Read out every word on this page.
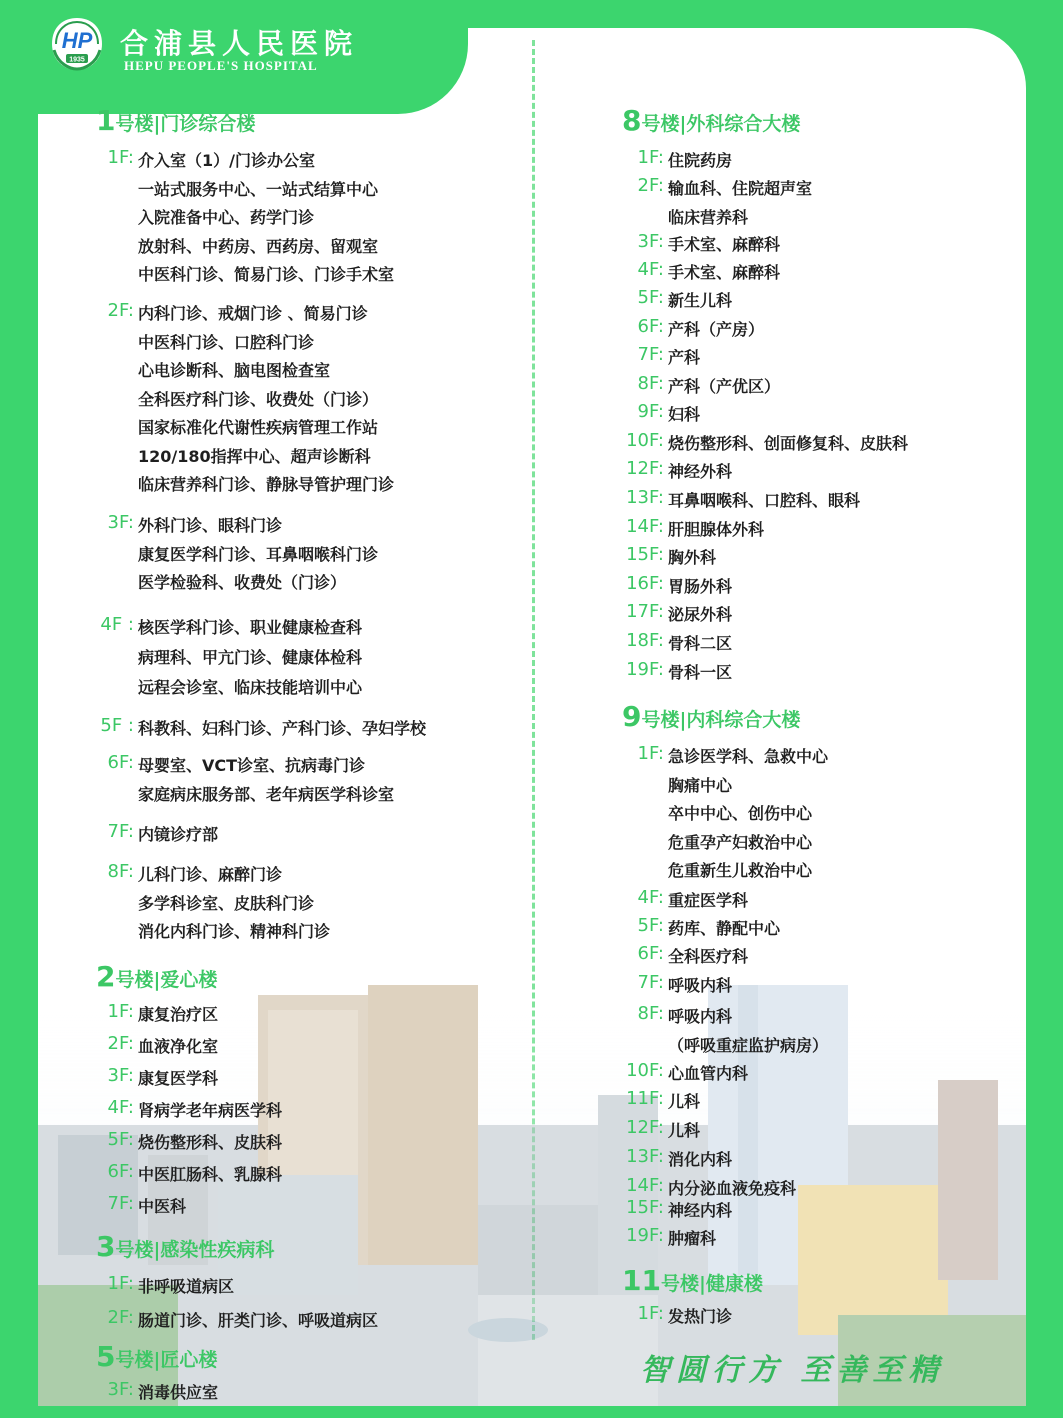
HP
1935 合浦县人民医院
HEPU PEOPLE'S HOSPITAL
1号楼|门诊综合楼
1F: 介入室（1）/门诊办公室
一站式服务中心、一站式结算中心
入院准备中心、药学门诊
放射科、中药房、西药房、留观室
中医科门诊、简易门诊、门诊手术室
2F: 内科门诊、戒烟门诊 、简易门诊
中医科门诊、口腔科门诊
心电诊断科、脑电图检查室
全科医疗科门诊、收费处（门诊）
国家标准化代谢性疾病管理工作站
120/180指挥中心、超声诊断科
临床营养科门诊、静脉导管护理门诊
3F: 外科门诊、眼科门诊
康复医学科门诊、耳鼻咽喉科门诊
医学检验科、收费处（门诊）
4F : 核医学科门诊、职业健康检查科
病理科、甲亢门诊、健康体检科
远程会诊室、临床技能培训中心
5F : 科教科、妇科门诊、产科门诊、孕妇学校
6F: 母婴室、VCT诊室、抗病毒门诊
家庭病床服务部、老年病医学科诊室
7F: 内镜诊疗部
8F: 儿科门诊、麻醉门诊
多学科诊室、皮肤科门诊
消化内科门诊、精神科门诊
2号楼|爱心楼
1F: 康复治疗区
2F: 血液净化室
3F: 康复医学科
4F: 肾病学老年病医学科
5F: 烧伤整形科、皮肤科
6F: 中医肛肠科、乳腺科
7F: 中医科
3号楼|感染性疾病科
1F: 非呼吸道病区
2F: 肠道门诊、肝类门诊、呼吸道病区
5号楼|匠心楼
3F: 消毒供应室
8号楼|外科综合大楼
1F: 住院药房
2F: 输血科、住院超声室
临床营养科
3F: 手术室、麻醉科
4F: 手术室、麻醉科
5F: 新生儿科
6F: 产科（产房）
7F: 产科
8F: 产科（产优区）
9F: 妇科
10F: 烧伤整形科、创面修复科、皮肤科
12F: 神经外科
13F: 耳鼻咽喉科、口腔科、眼科
14F: 肝胆腺体外科
15F: 胸外科
16F: 胃肠外科
17F: 泌尿外科
18F: 骨科二区
19F: 骨科一区
9号楼|内科综合大楼
1F: 急诊医学科、急救中心
胸痛中心
卒中中心、创伤中心
危重孕产妇救治中心
危重新生儿救治中心
4F: 重症医学科
5F: 药库、静配中心
6F: 全科医疗科
7F: 呼吸内科
8F: 呼吸内科
（呼吸重症监护病房）
10F: 心血管内科
11F: 儿科
12F: 儿科
13F: 消化内科
14F: 内分泌血液免疫科
15F: 神经内科
19F: 肿瘤科
11号楼|健康楼
1F: 发热门诊
智圆行方 至善至精
